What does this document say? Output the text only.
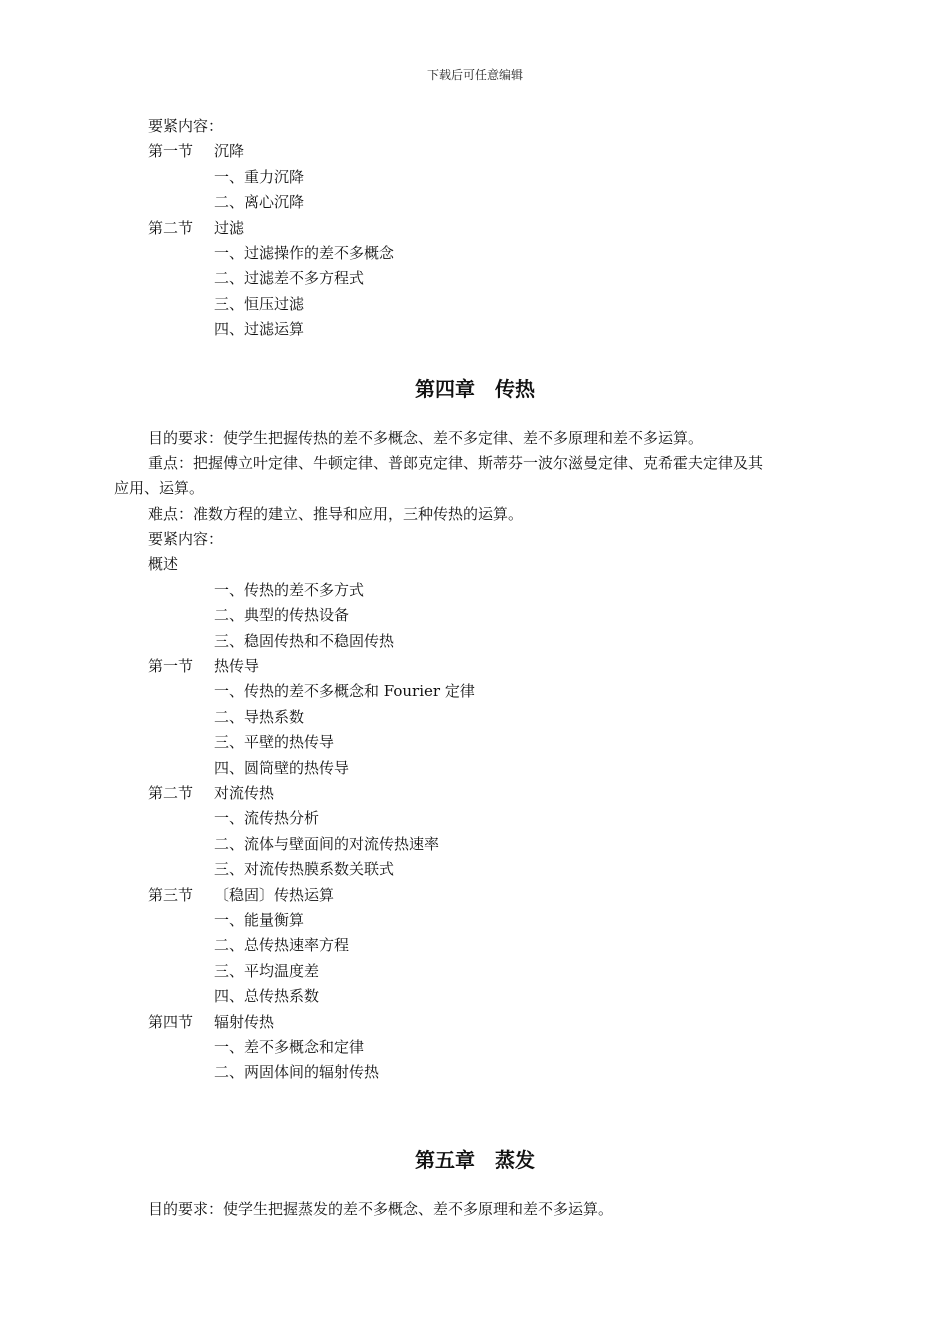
下载后可任意编辑
要紧内容：
第一节 沉降
一、重力沉降
二、离心沉降
第二节 过滤
一、过滤操作的差不多概念
二、过滤差不多方程式
三、恒压过滤
四、过滤运算
第四章　传热
目的要求：使学生把握传热的差不多概念、差不多定律、差不多原理和差不多运算。
重点：把握傅立叶定律、牛顿定律、普郎克定律、斯蒂芬一波尔滋曼定律、克希霍夫定律及其
应用、运算。
难点：准数方程的建立、推导和应用，三种传热的运算。
要紧内容：
概述
一、传热的差不多方式
二、典型的传热设备
三、稳固传热和不稳固传热
第一节 热传导
一、传热的差不多概念和 Fourier 定律
二、导热系数
三、平壁的热传导
四、圆筒壁的热传导
第二节 对流传热
一、流传热分析
二、流体与壁面间的对流传热速率
三、对流传热膜系数关联式
第三节 〔稳固〕传热运算
一、能量衡算
二、总传热速率方程
三、平均温度差
四、总传热系数
第四节 辐射传热
一、差不多概念和定律
二、两固体间的辐射传热
第五章　蒸发
目的要求：使学生把握蒸发的差不多概念、差不多原理和差不多运算。
